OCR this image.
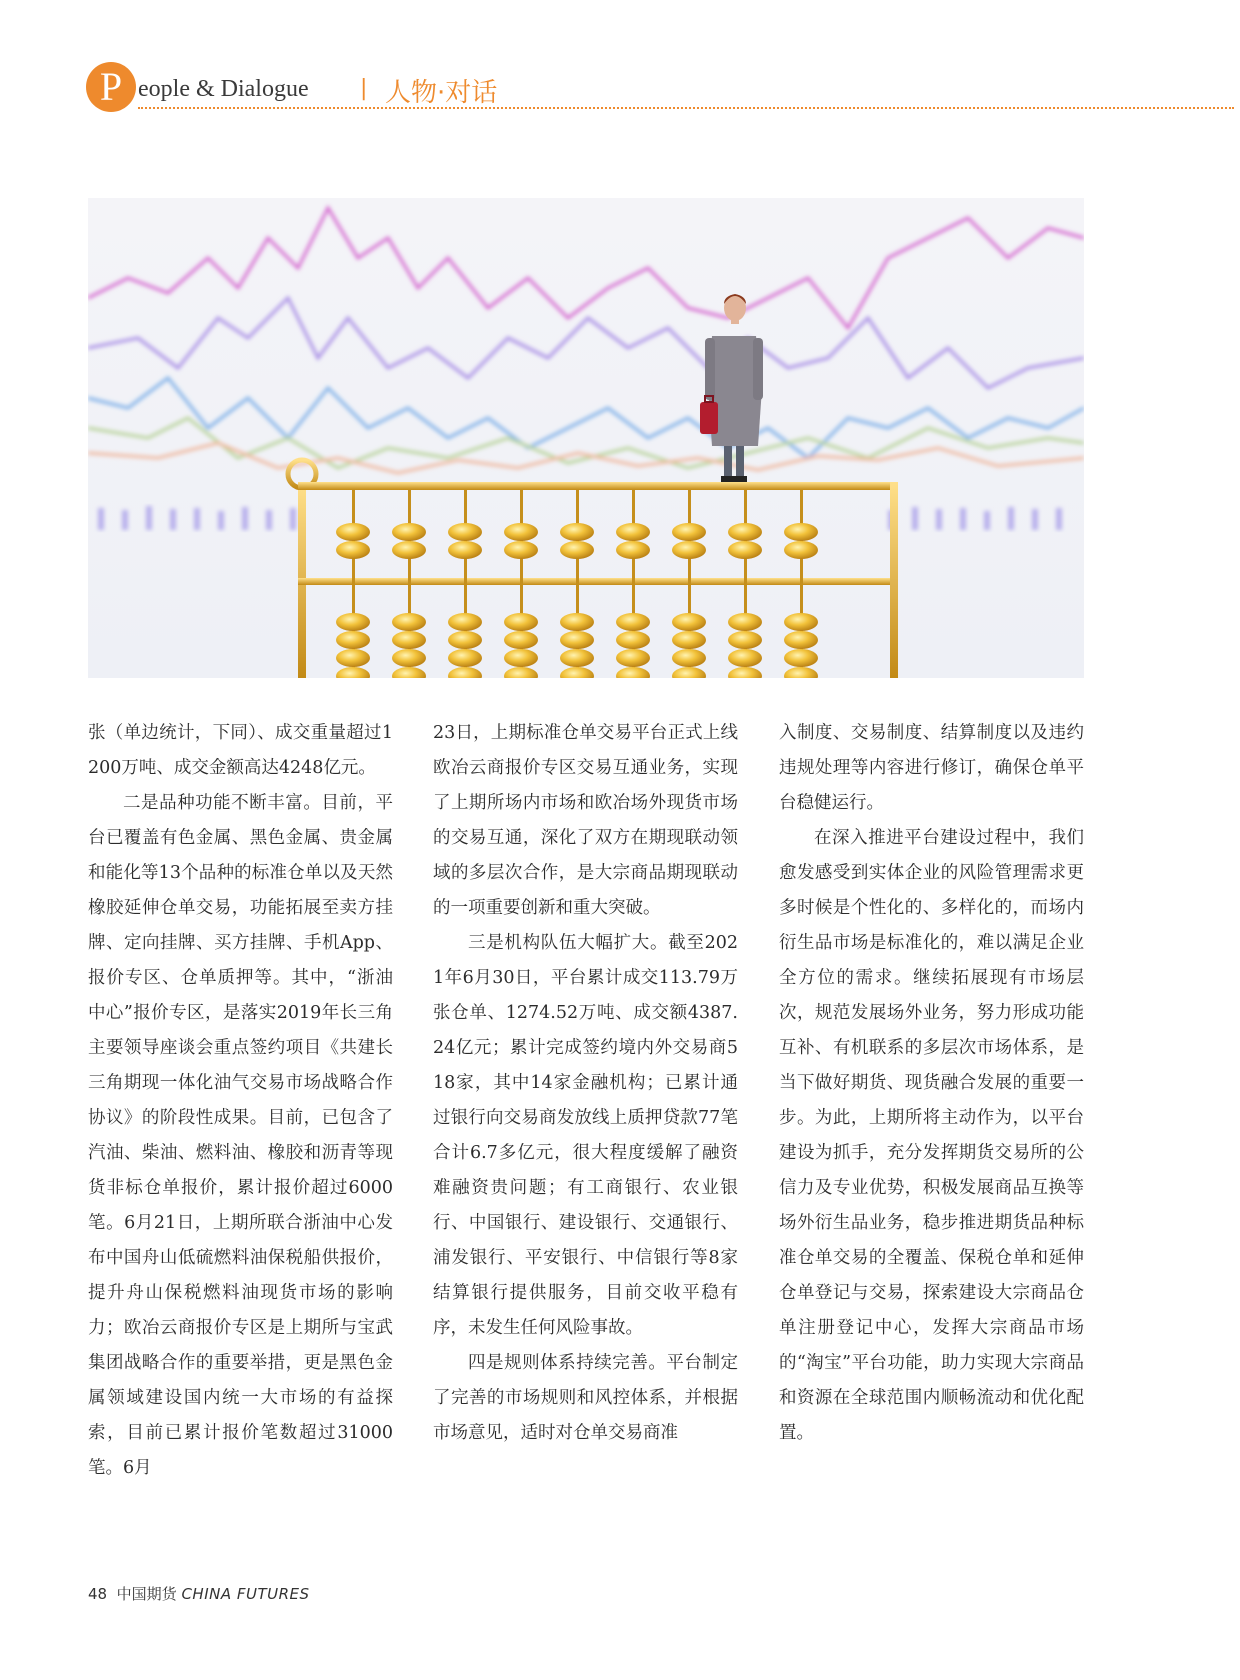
P eople & Dialogue | 人物·对话

张（单边统计，下同）、成交重量超过1200万吨、成交金额高达4248亿元。

二是品种功能不断丰富。目前，平台已覆盖有色金属、黑色金属、贵金属和能化等13个品种的标准仓单以及天然橡胶延伸仓单交易，功能拓展至卖方挂牌、定向挂牌、买方挂牌、手机App、报价专区、仓单质押等。其中，“浙油中心”报价专区，是落实2019年长三角主要领导座谈会重点签约项目《共建长三角期现一体化油气交易市场战略合作协议》的阶段性成果。目前，已包含了汽油、柴油、燃料油、橡胶和沥青等现货非标仓单报价，累计报价超过6000笔。6月21日，上期所联合浙油中心发布中国舟山低硫燃料油保税船供报价，提升舟山保税燃料油现货市场的影响力；欧冶云商报价专区是上期所与宝武集团战略合作的重要举措，更是黑色金属领域建设国内统一大市场的有益探索，目前已累计报价笔数超过31000笔。6月

23日，上期标准仓单交易平台正式上线欧冶云商报价专区交易互通业务，实现了上期所场内市场和欧冶场外现货市场的交易互通，深化了双方在期现联动领域的多层次合作，是大宗商品期现联动的一项重要创新和重大突破。

三是机构队伍大幅扩大。截至2021年6月30日，平台累计成交113.79万张仓单、1274.52万吨、成交额4387.24亿元；累计完成签约境内外交易商518家，其中14家金融机构；已累计通过银行向交易商发放线上质押贷款77笔合计6.7多亿元，很大程度缓解了融资难融资贵问题；有工商银行、农业银行、中国银行、建设银行、交通银行、浦发银行、平安银行、中信银行等8家结算银行提供服务，目前交收平稳有序，未发生任何风险事故。

四是规则体系持续完善。平台制定了完善的市场规则和风控体系，并根据市场意见，适时对仓单交易商准

入制度、交易制度、结算制度以及违约违规处理等内容进行修订，确保仓单平台稳健运行。

在深入推进平台建设过程中，我们愈发感受到实体企业的风险管理需求更多时候是个性化的、多样化的，而场内衍生品市场是标准化的，难以满足企业全方位的需求。继续拓展现有市场层次，规范发展场外业务，努力形成功能互补、有机联系的多层次市场体系，是当下做好期货、现货融合发展的重要一步。为此，上期所将主动作为，以平台建设为抓手，充分发挥期货交易所的公信力及专业优势，积极发展商品互换等场外衍生品业务，稳步推进期货品种标准仓单交易的全覆盖、保税仓单和延伸仓单登记与交易，探索建设大宗商品仓单注册登记中心，发挥大宗商品市场的“淘宝”平台功能，助力实现大宗商品和资源在全球范围内顺畅流动和优化配置。

48 中国期货 CHINA FUTURES
